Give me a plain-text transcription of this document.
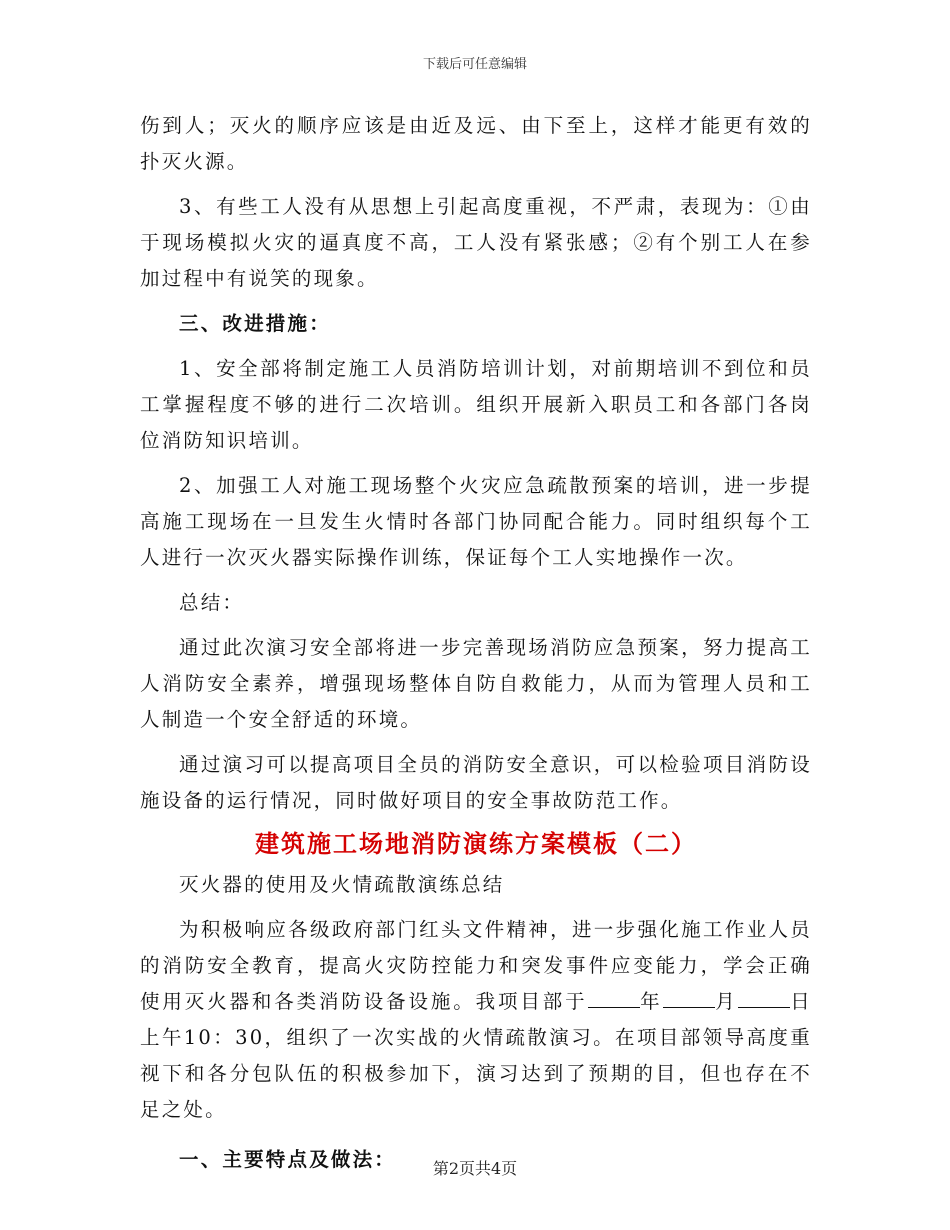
下载后可任意编辑

伤到人；灭火的顺序应该是由近及远、由下至上，这样才能更有效的扑灭火源。

3、有些工人没有从思想上引起高度重视，不严肃，表现为：①由于现场模拟火灾的逼真度不高，工人没有紧张感；②有个别工人在参加过程中有说笑的现象。

三、改进措施：

1、安全部将制定施工人员消防培训计划，对前期培训不到位和员工掌握程度不够的进行二次培训。组织开展新入职员工和各部门各岗位消防知识培训。

2、加强工人对施工现场整个火灾应急疏散预案的培训，进一步提高施工现场在一旦发生火情时各部门协同配合能力。同时组织每个工人进行一次灭火器实际操作训练，保证每个工人实地操作一次。

总结：

通过此次演习安全部将进一步完善现场消防应急预案，努力提高工人消防安全素养，增强现场整体自防自救能力，从而为管理人员和工人制造一个安全舒适的环境。

通过演习可以提高项目全员的消防安全意识，可以检验项目消防设施设备的运行情况，同时做好项目的安全事故防范工作。

建筑施工场地消防演练方案模板（二）

灭火器的使用及火情疏散演练总结

为积极响应各级政府部门红头文件精神，进一步强化施工作业人员的消防安全教育，提高火灾防控能力和突发事件应变能力，学会正确使用灭火器和各类消防设备设施。我项目部于	年	月	日上午10：30，组织了一次实战的火情疏散演习。在项目部领导高度重视下和各分包队伍的积极参加下，演习达到了预期的目，但也存在不足之处。

一、主要特点及做法：	第2页共4页
